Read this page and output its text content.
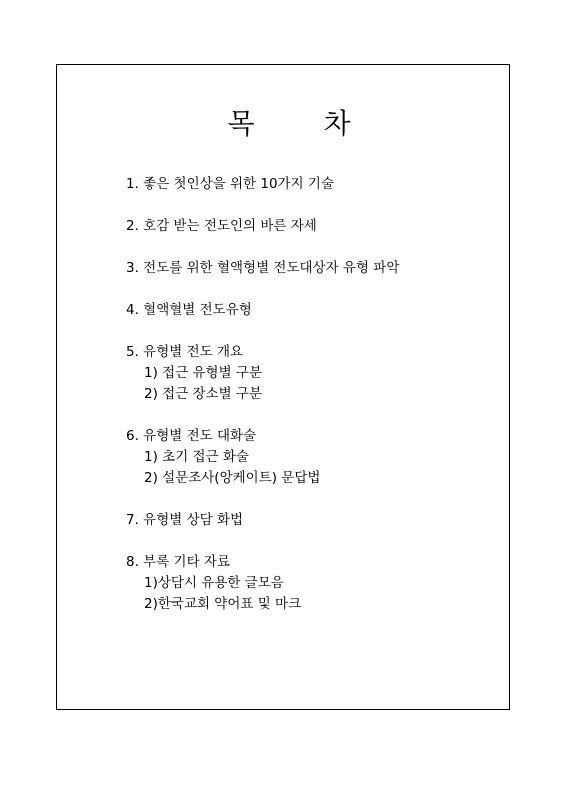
목 차
1. 좋은 첫인상을 위한 10가지 기술
2. 호감 받는 전도인의 바른 자세
3. 전도를 위한 혈액형별 전도대상자 유형 파악
4. 혈액혈별 전도유형
5. 유형별 전도 개요
1) 접근 유형별 구분
2) 접근 장소별 구분
6. 유형별 전도 대화술
1) 초기 접근 화술
2) 설문조사(앙케이트) 문답법
7. 유형별 상담 화법
8. 부록 기타 자료
1)상담시 유용한 글모음
2)한국교회 약어표 및 마크
